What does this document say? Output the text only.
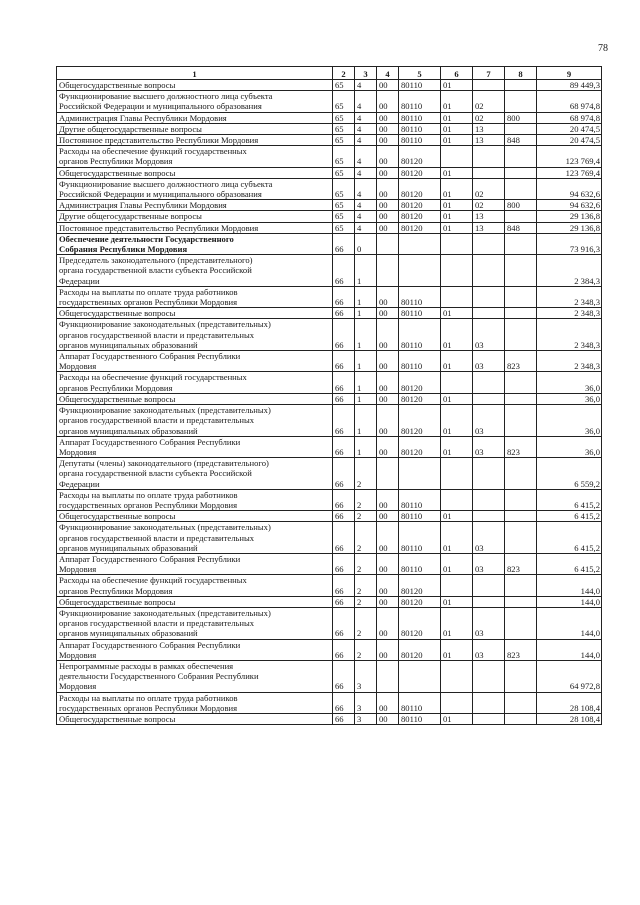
78
1	2	3	4	5	6	7	8	9
Общегосударственные вопросы	65	4	00	80110	01			89 449,3
Функционирование высшего должностного лица субъекта
Российской Федерации и муниципального образования	65	4	00	80110	01	02		68 974,8
Администрация Главы Республики Мордовия	65	4	00	80110	01	02	800	68 974,8
Другие общегосударственные вопросы	65	4	00	80110	01	13		20 474,5
Постоянное представительство Республики Мордовия	65	4	00	80110	01	13	848	20 474,5
Расходы на обеспечение функций государственных
органов Республики Мордовия	65	4	00	80120				123 769,4
Общегосударственные вопросы	65	4	00	80120	01			123 769,4
Функционирование высшего должностного лица субъекта
Российской Федерации и муниципального образования	65	4	00	80120	01	02		94 632,6
Администрация Главы Республики Мордовия	65	4	00	80120	01	02	800	94 632,6
Другие общегосударственные вопросы	65	4	00	80120	01	13		29 136,8
Постоянное представительство Республики Мордовия	65	4	00	80120	01	13	848	29 136,8
Обеспечение деятельности Государственного
Собрания Республики Мордовия	66	0						73 916,3
Председатель законодательного (представительного)
органа государственной власти субъекта Российской
Федерации	66	1						2 384,3
Расходы на выплаты по оплате труда работников
государственных органов Республики Мордовия	66	1	00	80110				2 348,3
Общегосударственные вопросы	66	1	00	80110	01			2 348,3
Функционирование законодательных (представительных)
органов государственной власти и представительных
органов муниципальных образований	66	1	00	80110	01	03		2 348,3
Аппарат Государственного Собрания Республики
Мордовия	66	1	00	80110	01	03	823	2 348,3
Расходы на обеспечение функций государственных
органов Республики Мордовия	66	1	00	80120				36,0
Общегосударственные вопросы	66	1	00	80120	01			36,0
Функционирование законодательных (представительных)
органов государственной власти и представительных
органов муниципальных образований	66	1	00	80120	01	03		36,0
Аппарат Государственного Собрания Республики
Мордовия	66	1	00	80120	01	03	823	36,0
Депутаты (члены) законодательного (представительного)
органа государственной власти субъекта Российской
Федерации	66	2						6 559,2
Расходы на выплаты по оплате труда работников
государственных органов Республики Мордовия	66	2	00	80110				6 415,2
Общегосударственные вопросы	66	2	00	80110	01			6 415,2
Функционирование законодательных (представительных)
органов государственной власти и представительных
органов муниципальных образований	66	2	00	80110	01	03		6 415,2
Аппарат Государственного Собрания Республики
Мордовия	66	2	00	80110	01	03	823	6 415,2
Расходы на обеспечение функций государственных
органов Республики Мордовия	66	2	00	80120				144,0
Общегосударственные вопросы	66	2	00	80120	01			144,0
Функционирование законодательных (представительных)
органов государственной власти и представительных
органов муниципальных образований	66	2	00	80120	01	03		144,0
Аппарат Государственного Собрания Республики
Мордовия	66	2	00	80120	01	03	823	144,0
Непрограммные расходы в рамках обеспечения
деятельности Государственного Собрания Республики
Мордовия	66	3						64 972,8
Расходы на выплаты по оплате труда работников
государственных органов Республики Мордовия	66	3	00	80110				28 108,4
Общегосударственные вопросы	66	3	00	80110	01			28 108,4
